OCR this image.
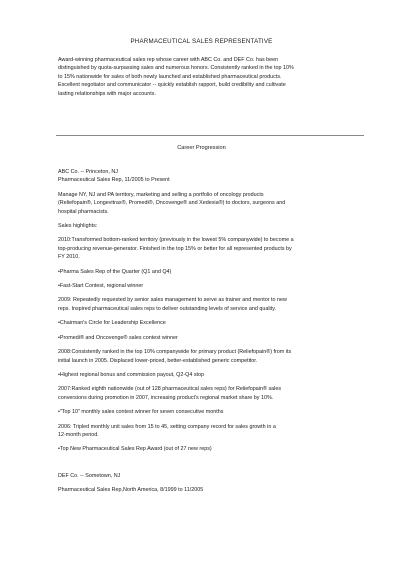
PHARMACEUTICAL SALES REPRESENTATIVE
Award-winning pharmaceutical sales rep whose career with ABC Co. and DEF Co. has been
distinguished by quota-surpassing sales and numerous honors. Consistently ranked in the top 10%
to 15% nationwide for sales of both newly launched and established pharmaceutical products.
Excellent negotiator and communicator -- quickly establish rapport, build credibility and cultivate
lasting relationships with major accounts.
Career Progression
ABC Co. -- Princeton, NJ
Pharmaceutical Sales Rep, 11/2005 to Present
Manage NY, NJ and PA territory, marketing and selling a portfolio of oncology products
(Reliefopain®, Longevitrax®, Promedi®, Oncovenge® and Xedexia®) to doctors, surgeons and
hospital pharmacists.
Sales highlights:
2010:Transformed bottom-ranked territory (previously in the lowest 5% companywide) to become a
top-producing revenue-generator. Finished in the top 15% or better for all represented products by
FY 2010.
•Pharma Sales Rep of the Quarter (Q1 and Q4)
•Fast-Start Contest, regional winner
2009: Repeatedly requested by senior sales management to serve as trainer and mentor to new
reps. Inspired pharmaceutical sales reps to deliver outstanding levels of service and quality.
•Chairman's Circle for Leadership Excellence
•Promedi® and Oncovenge® sales contest winner
2008:Consistently ranked in the top 10% companywide for primary product (Reliefopain®) from its
initial launch in 2005. Displaced lower-priced, better-established generic competitor.
•Highest regional bonus and commission payout, Q2-Q4 stop
2007:Ranked eighth nationwide (out of 128 pharmaceutical sales reps) for Reliefopain® sales
conversions during promotion in 2007, increasing product's regional market share by 10%.
•"Top 10" monthly sales contest winner for seven consecutive months
2006: Tripled monthly unit sales from 15 to 45, setting company record for sales growth in a
12-month period.
•Top New Pharmaceutical Sales Rep Award (out of 27 new reps)
DEF Co. -- Sometown, NJ
Pharmaceutical Sales Rep,North America, 8/1999 to 11/2005
